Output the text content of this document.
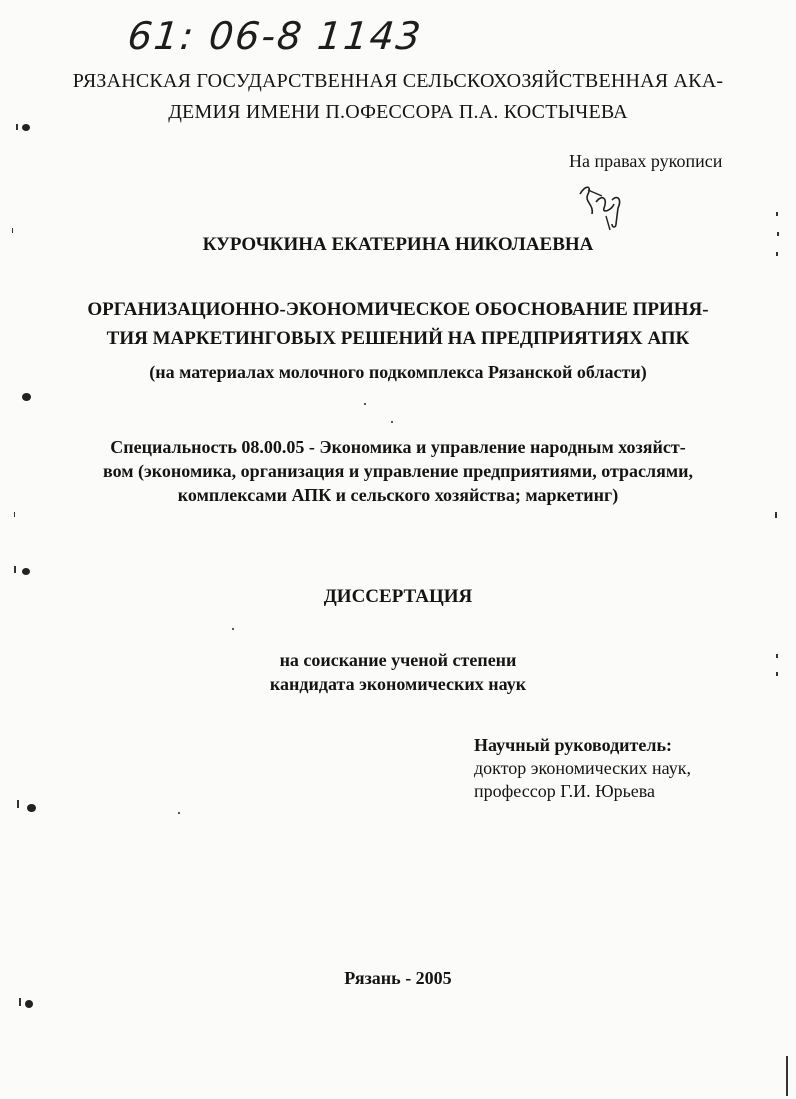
61: 06-8 1143
РЯЗАНСКАЯ ГОСУДАРСТВЕННАЯ СЕЛЬСКОХОЗЯЙСТВЕННАЯ АКА-
ДЕМИЯ ИМЕНИ П.ОФЕССОРА П.А. КОСТЫЧЕВА
На правах рукописи
КУРОЧКИНА ЕКАТЕРИНА НИКОЛАЕВНА
ОРГАНИЗАЦИОННО-ЭКОНОМИЧЕСКОЕ ОБОСНОВАНИЕ ПРИНЯ-
ТИЯ МАРКЕТИНГОВЫХ РЕШЕНИЙ НА ПРЕДПРИЯТИЯХ АПК
(на материалах молочного подкомплекса Рязанской области)
Специальность 08.00.05 - Экономика и управление народным хозяйст-
вом (экономика, организация и управление предприятиями, отраслями,
комплексами АПК и сельского хозяйства; маркетинг)
ДИССЕРТАЦИЯ
на соискание ученой степени
кандидата экономических наук
Научный руководитель:
доктор экономических наук,
профессор Г.И. Юрьева
Рязань - 2005
